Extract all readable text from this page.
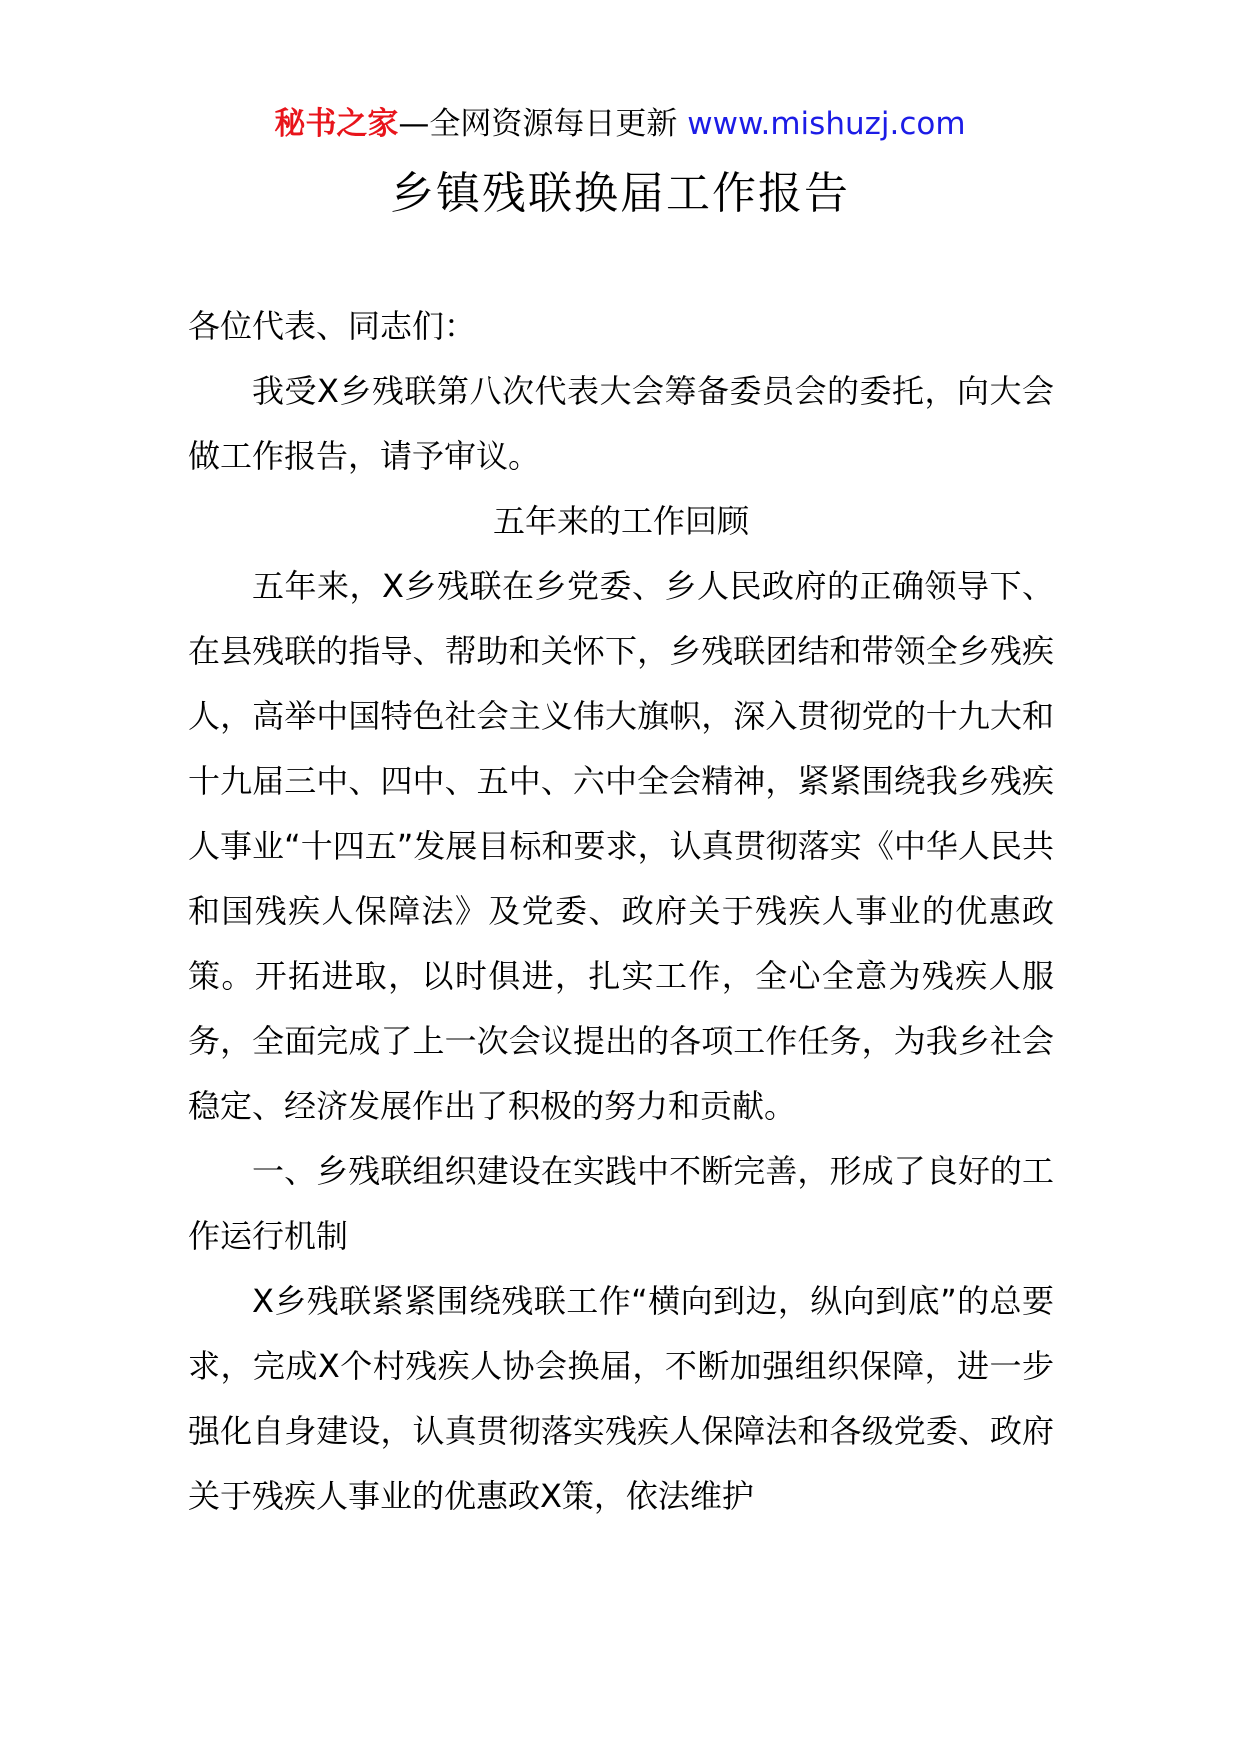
秘书之家—全网资源每日更新 www.mishuzj.com
乡镇残联换届工作报告

各位代表、同志们：

我受X乡残联第八次代表大会筹备委员会的委托，向大会做工作报告，请予审议。

五年来的工作回顾

五年来，X乡残联在乡党委、乡人民政府的正确领导下、在县残联的指导、帮助和关怀下，乡残联团结和带领全乡残疾人，高举中国特色社会主义伟大旗帜，深入贯彻党的十九大和十九届三中、四中、五中、六中全会精神，紧紧围绕我乡残疾人事业“十四五”发展目标和要求，认真贯彻落实《中华人民共和国残疾人保障法》及党委、政府关于残疾人事业的优惠政策。开拓进取，以时俱进，扎实工作，全心全意为残疾人服务，全面完成了上一次会议提出的各项工作任务，为我乡社会稳定、经济发展作出了积极的努力和贡献。

一、乡残联组织建设在实践中不断完善，形成了良好的工作运行机制

X乡残联紧紧围绕残联工作“横向到边，纵向到底”的总要求，完成X个村残疾人协会换届，不断加强组织保障，进一步强化自身建设，认真贯彻落实残疾人保障法和各级党委、政府关于残疾人事业的优惠政X策，依法维护
